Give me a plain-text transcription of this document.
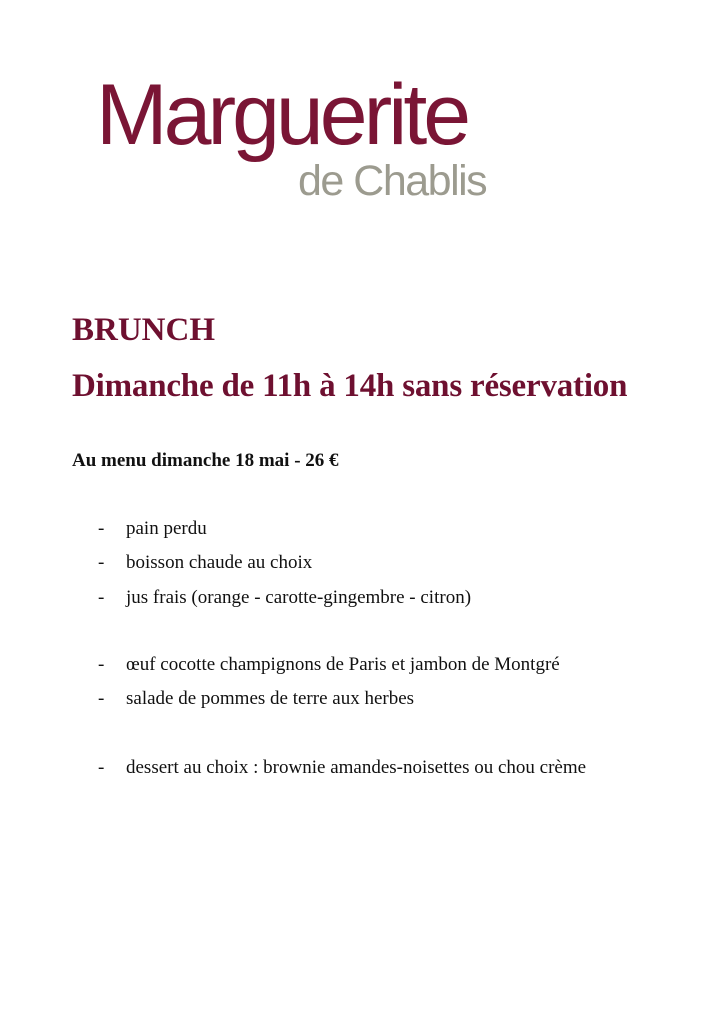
Marguerite
de Chablis
BRUNCH
Dimanche de 11h à 14h sans réservation
Au menu dimanche 18 mai - 26 €
- pain perdu
- boisson chaude au choix
- jus frais (orange - carotte-gingembre - citron)
- œuf cocotte champignons de Paris et jambon de Montgré
- salade de pommes de terre aux herbes
- dessert au choix : brownie amandes-noisettes ou chou crème
